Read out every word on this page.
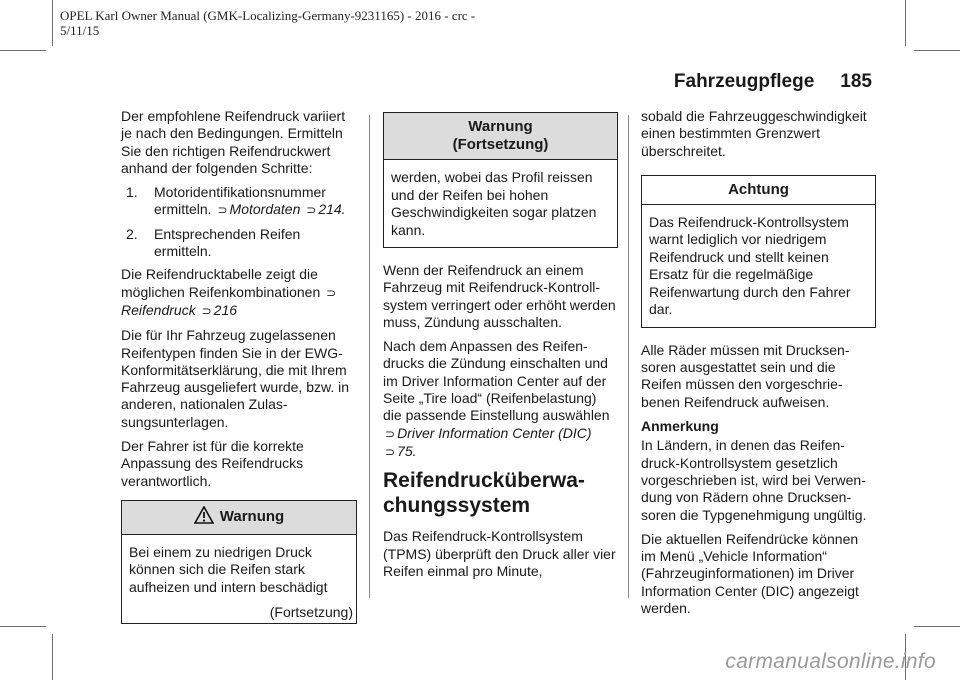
OPEL Karl Owner Manual (GMK-Localizing-Germany-9231165) - 2016 - crc -
5/11/15
Fahrzeugpflege 185

Der empfohlene Reifendruck variiert je nach den Bedingungen. Ermitteln Sie den richtigen Reifendruckwert anhand der folgenden Schritte:

1.	Motoridentifikationsnummer ermitteln. ⊃ Motordaten ⊃ 214.
2.	Entsprechenden Reifen ermitteln.

Die Reifendrucktabelle zeigt die möglichen Reifenkombinationen ⊃
Reifendruck ⊃ 216

Die für Ihr Fahrzeug zugelassenen Reifentypen finden Sie in der EWG-Konformitätserklärung, die mit Ihrem Fahrzeug ausgeliefert wurde, bzw. in anderen, nationalen Zulas-sungsunterlagen.

Der Fahrer ist für die korrekte Anpassung des Reifendrucks verantwortlich.

Warnung
Bei einem zu niedrigen Druck können sich die Reifen stark aufheizen und intern beschädigt
(Fortsetzung)
Warnung
(Fortsetzung)
werden, wobei das Profil reissen und der Reifen bei hohen Geschwindigkeiten sogar platzen kann.

Wenn der Reifendruck an einem Fahrzeug mit Reifendruck-Kontroll-system verringert oder erhöht werden muss, Zündung ausschalten.

Nach dem Anpassen des Reifen-drucks die Zündung einschalten und im Driver Information Center auf der Seite „Tire load“ (Reifenbelastung) die passende Einstellung auswählen
⊃ Driver Information Center (DIC) ⊃ 75.

Reifendrucküberwa-chungssystem

Das Reifendruck-Kontrollsystem (TPMS) überprüft den Druck aller vier Reifen einmal pro Minute,

sobald die Fahrzeuggeschwindigkeit einen bestimmten Grenzwert überschreitet.

Achtung
Das Reifendruck-Kontrollsystem warnt lediglich vor niedrigem Reifendruck und stellt keinen Ersatz für die regelmäßige Reifenwartung durch den Fahrer dar.

Alle Räder müssen mit Drucksen-soren ausgestattet sein und die Reifen müssen den vorgeschrie-benen Reifendruck aufweisen.

Anmerkung

In Ländern, in denen das Reifen-druck-Kontrollsystem gesetzlich vorgeschrieben ist, wird bei Verwen-dung von Rädern ohne Drucksen-soren die Typgenehmigung ungültig.

Die aktuellen Reifendrücke können im Menü „Vehicle Information“ (Fahrzeuginformationen) im Driver Information Center (DIC) angezeigt werden.

carmanualsonline.info
